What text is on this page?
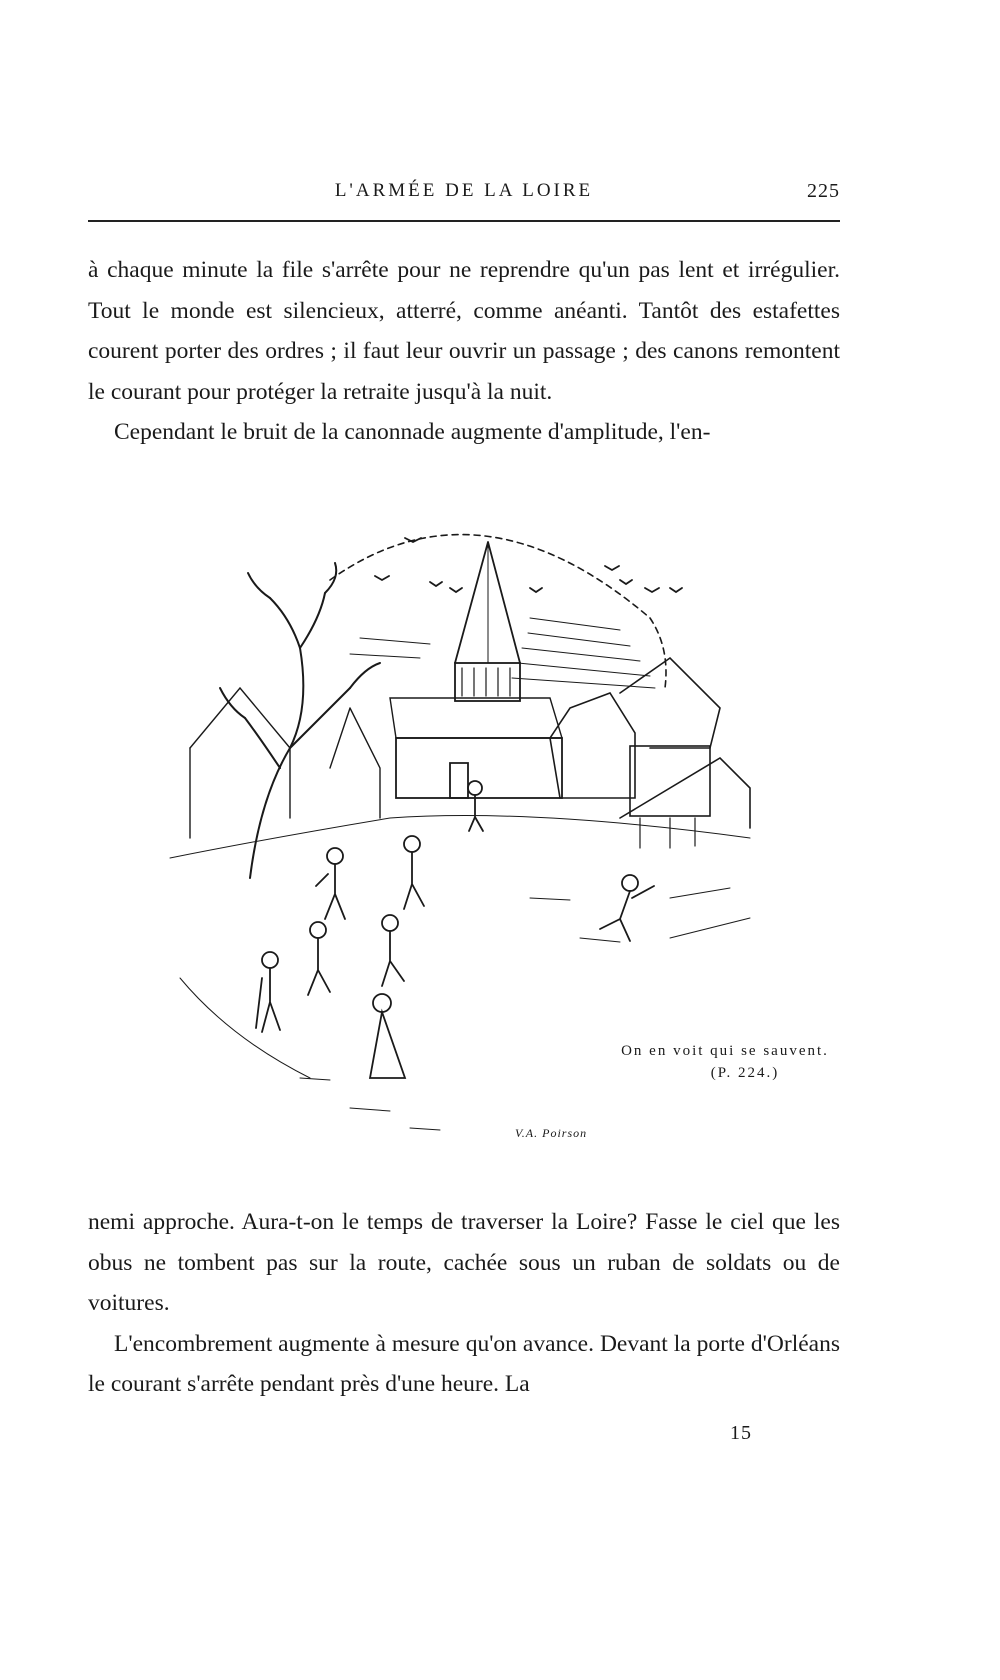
L'ARMÉE DE LA LOIRE	225

à chaque minute la file s'arrête pour ne reprendre qu'un pas lent et irrégulier. Tout le monde est silencieux, atterré, comme anéanti. Tantôt des estafettes courent porter des ordres ; il faut leur ouvrir un passage ; des canons remontent le courant pour protéger la retraite jusqu'à la nuit.

Cependant le bruit de la canonnade augmente d'amplitude, l'en-

On en voit qui se sauvent.

(P. 224.)
V.A. Poirson

nemi approche. Aura-t-on le temps de traverser la Loire? Fasse le ciel que les obus ne tombent pas sur la route, cachée sous un ruban de soldats ou de voitures.

L'encombrement augmente à mesure qu'on avance. Devant la porte d'Orléans le courant s'arrête pendant près d'une heure. La

15
